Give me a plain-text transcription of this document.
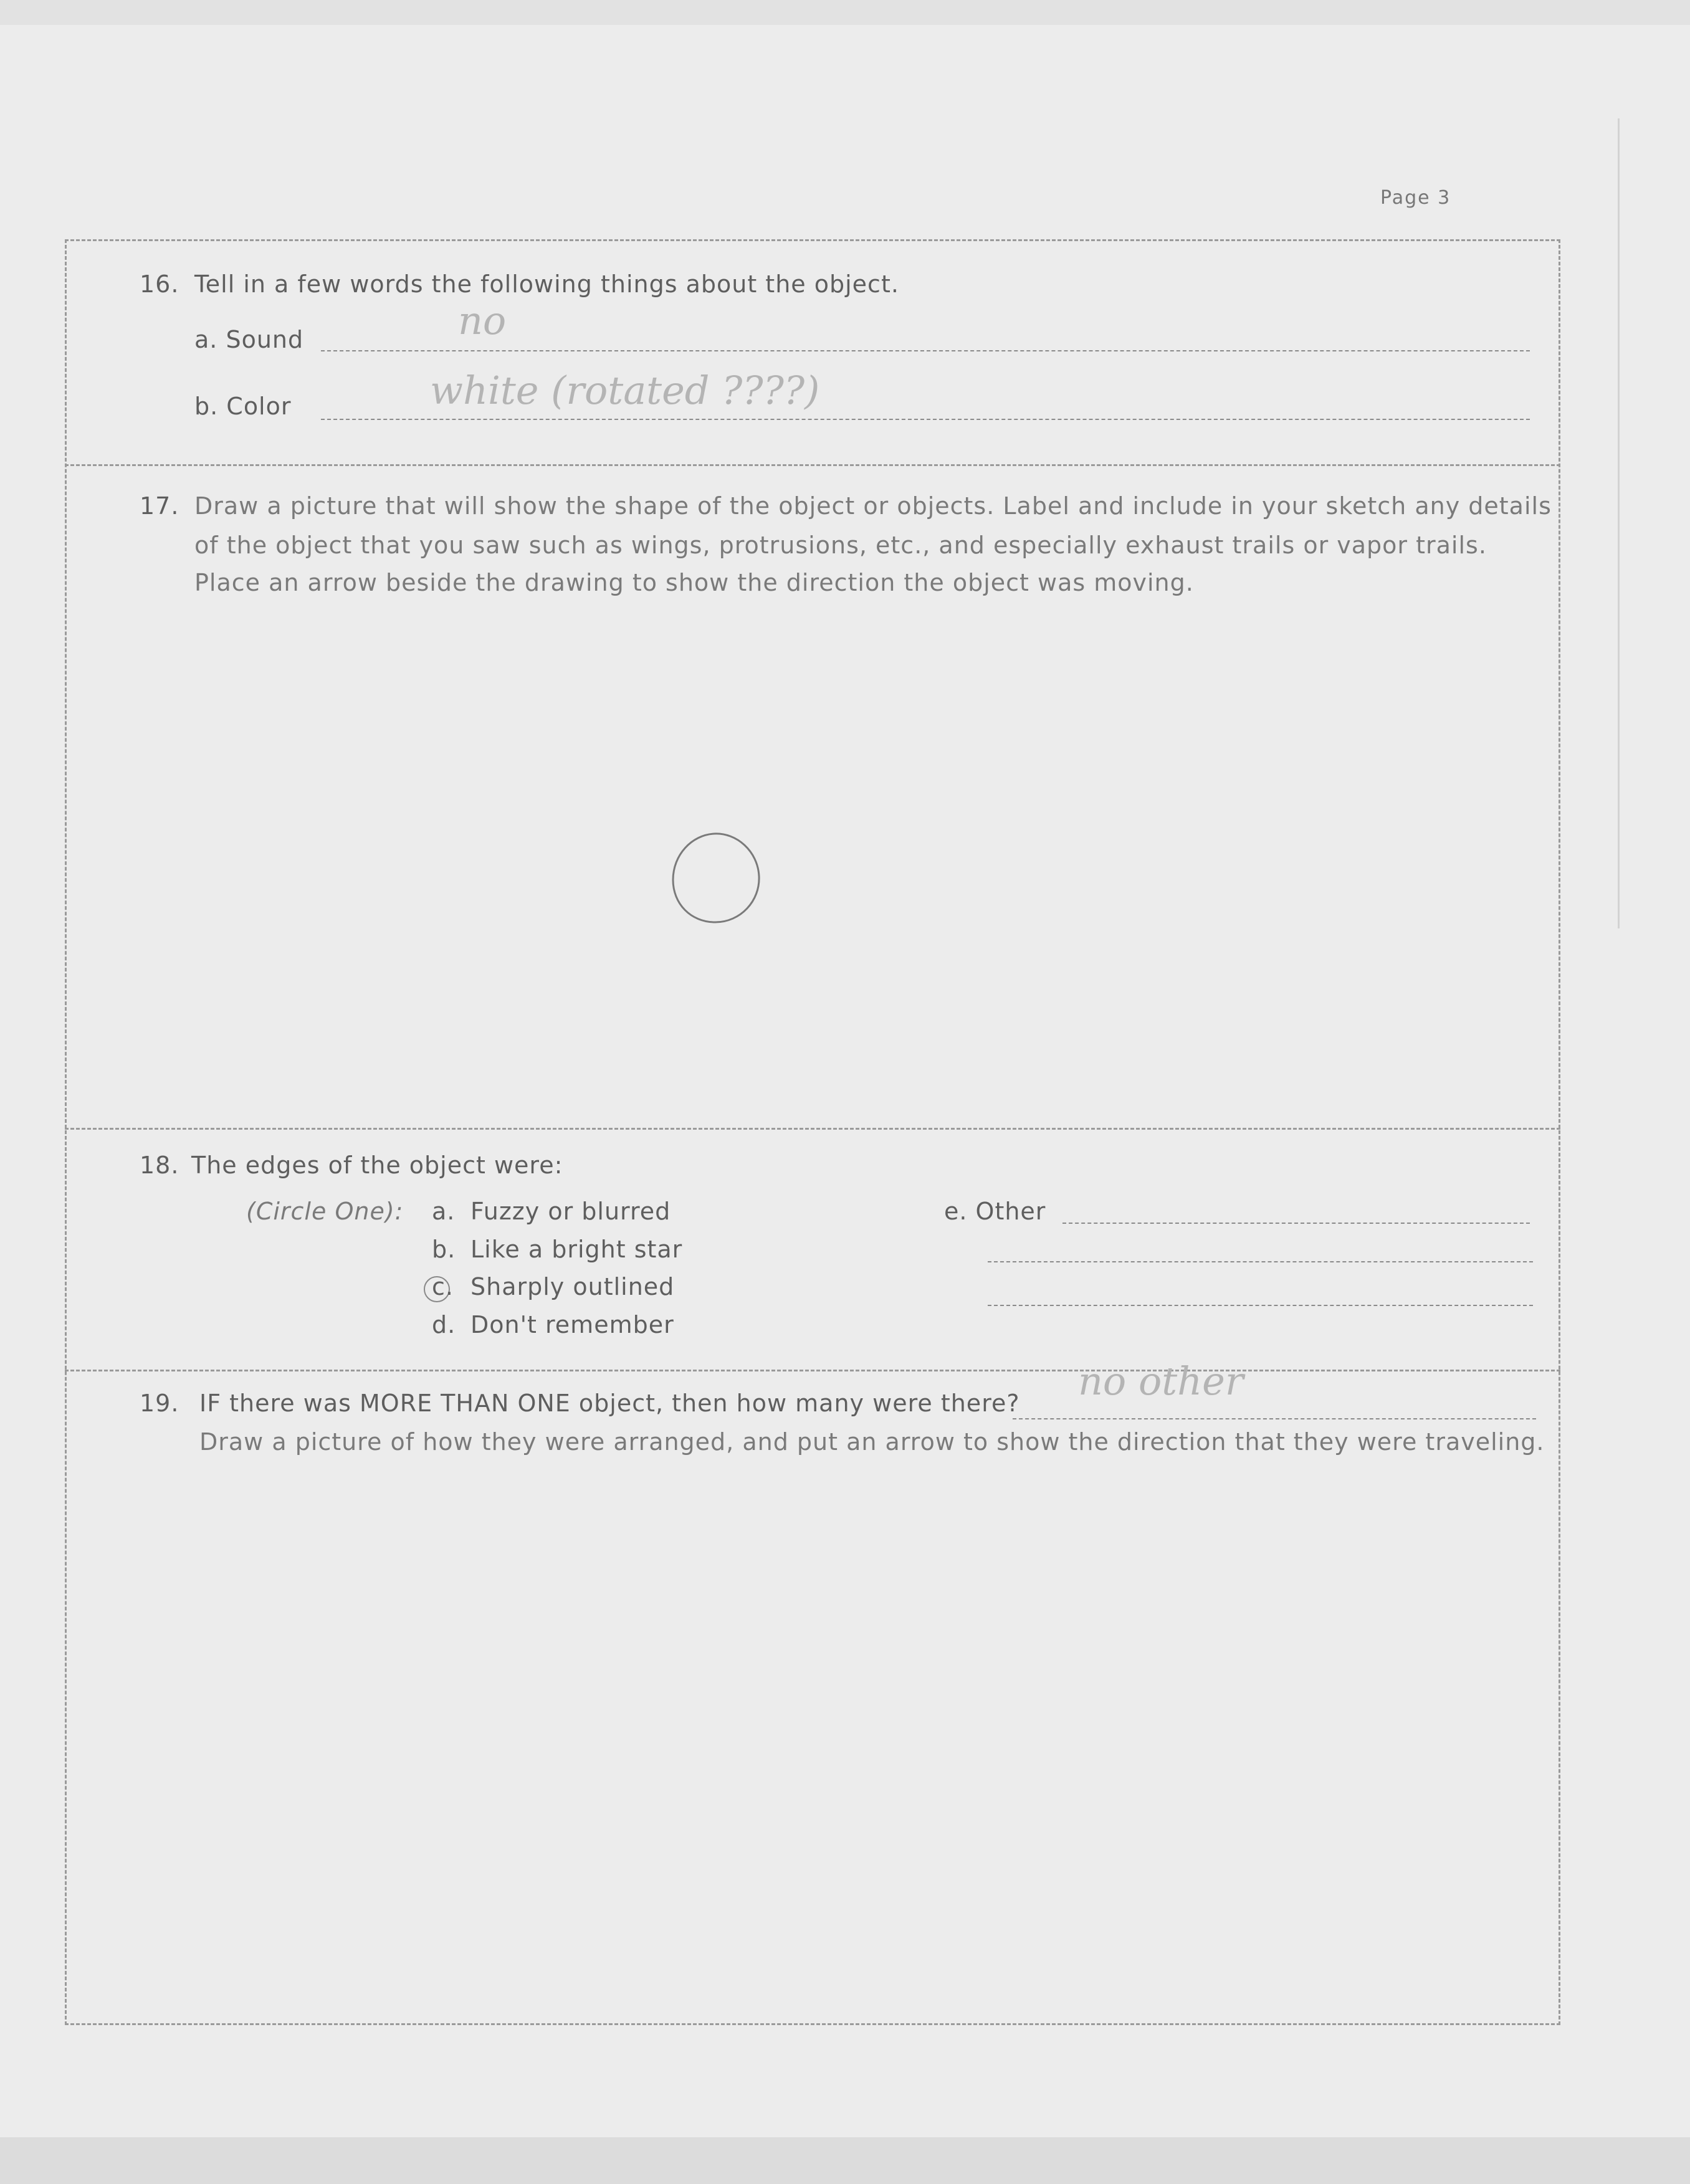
Page 3
16. Tell in a few words the following things about the object.
a. Sound	no
b. Color	white (rotated ????)
17. Draw a picture that will show the shape of the object or objects. Label and include in your sketch any details
of the object that you saw such as wings, protrusions, etc., and especially exhaust trails or vapor trails.
Place an arrow beside the drawing to show the direction the object was moving.
18. The edges of the object were:
(Circle One): a. Fuzzy or blurred
b. Like a bright star
c. Sharply outlined
d. Don't remember
e. Other
19. IF there was MORE THAN ONE object, then how many were there? no other
Draw a picture of how they were arranged, and put an arrow to show the direction that they were traveling.
